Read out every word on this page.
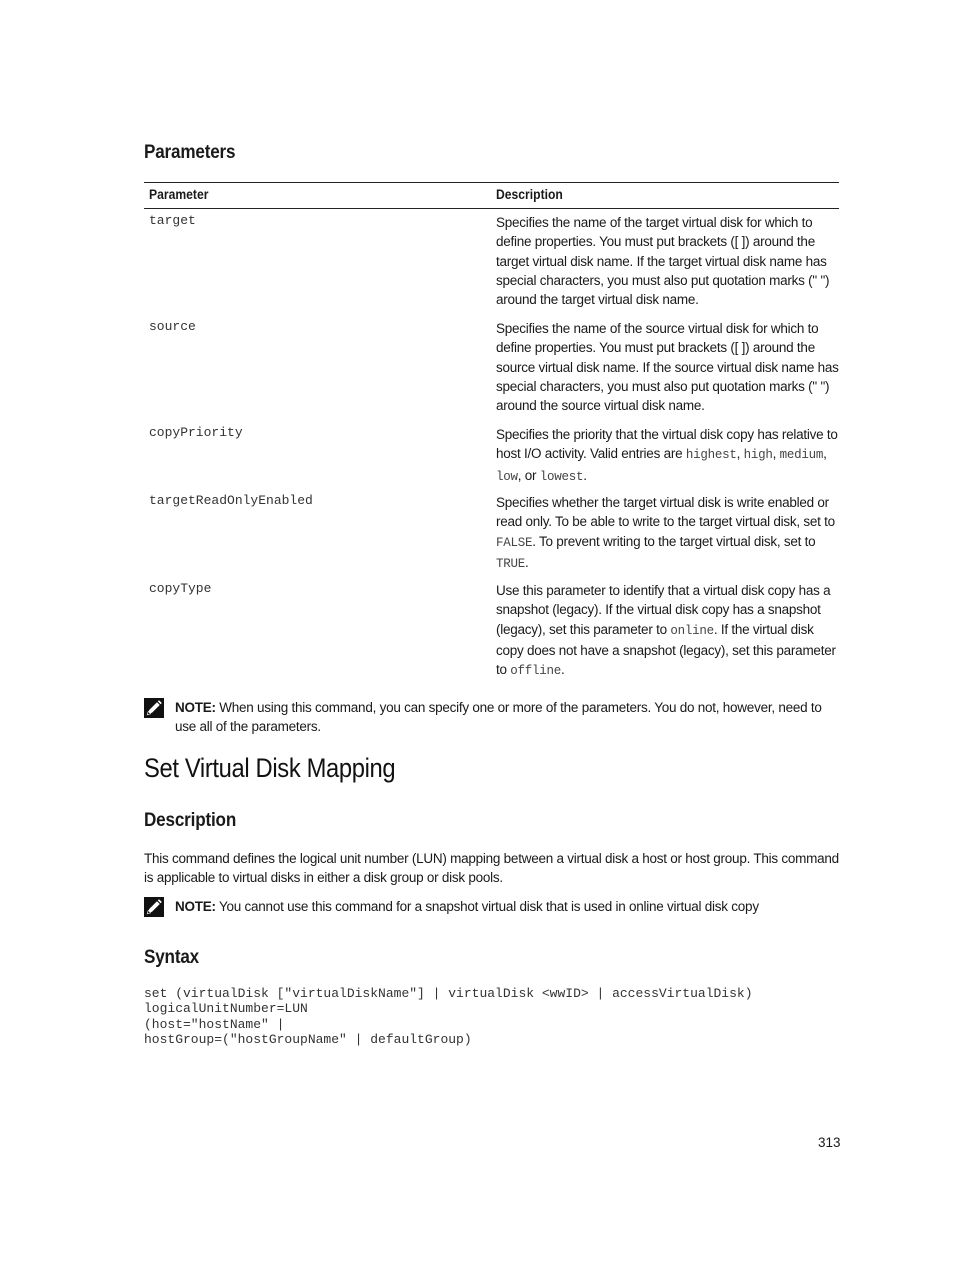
Parameters
Parameter	Description
target	Specifies the name of the target virtual disk for which to define properties. You must put brackets ([ ]) around the target virtual disk name. If the target virtual disk name has special characters, you must also put quotation marks (" ") around the target virtual disk name.
source	Specifies the name of the source virtual disk for which to define properties. You must put brackets ([ ]) around the source virtual disk name. If the source virtual disk name has special characters, you must also put quotation marks (" ") around the source virtual disk name.
copyPriority	Specifies the priority that the virtual disk copy has relative to host I/O activity. Valid entries are highest, high, medium, low, or lowest.
targetReadOnlyEnabled	Specifies whether the target virtual disk is write enabled or read only. To be able to write to the target virtual disk, set to FALSE. To prevent writing to the target virtual disk, set to TRUE.
copyType	Use this parameter to identify that a virtual disk copy has a snapshot (legacy). If the virtual disk copy has a snapshot (legacy), set this parameter to online. If the virtual disk copy does not have a snapshot (legacy), set this parameter to offline.
NOTE: When using this command, you can specify one or more of the parameters. You do not, however, need to use all of the parameters.
Set Virtual Disk Mapping
Description
This command defines the logical unit number (LUN) mapping between a virtual disk a host or host group. This command is applicable to virtual disks in either a disk group or disk pools.
NOTE: You cannot use this command for a snapshot virtual disk that is used in online virtual disk copy
Syntax
set (virtualDisk ["virtualDiskName"] | virtualDisk <wwID> | accessVirtualDisk)
logicalUnitNumber=LUN
(host="hostName" |
hostGroup=("hostGroupName" | defaultGroup)
313
